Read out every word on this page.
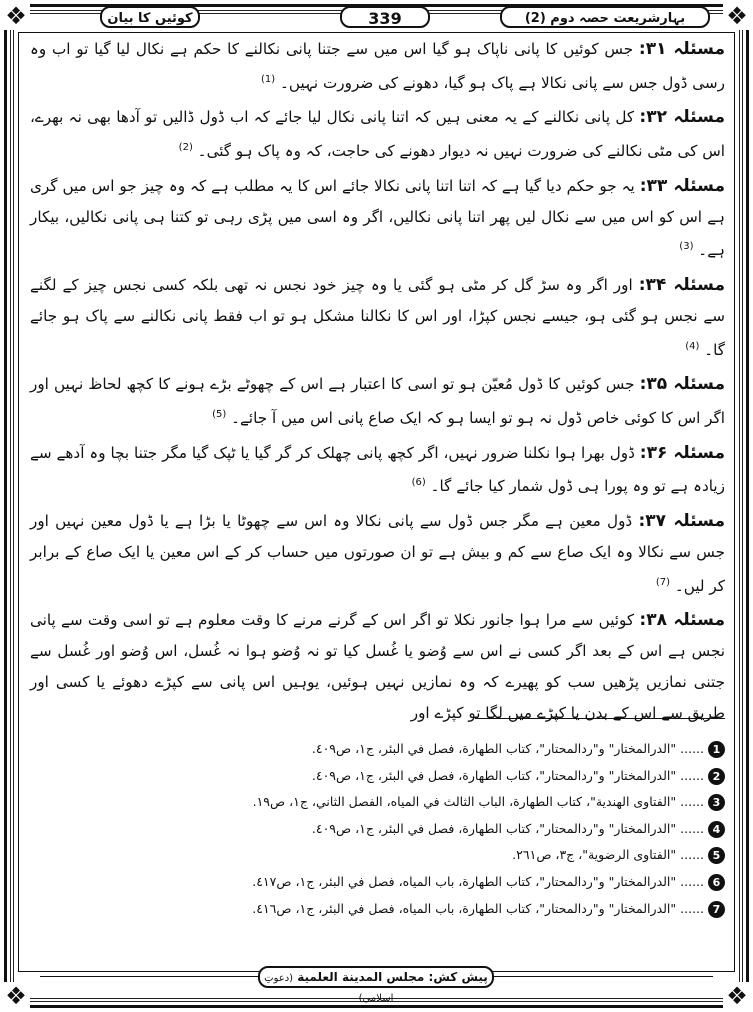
❖	❖
❖	❖
کوئیں کا بیان	339	بہارِشریعت حصہ دوم (2)

مسئلہ ۳۱: جس کوئیں کا پانی ناپاک ہو گیا اس میں سے جتنا پانی نکالنے کا حکم ہے نکال لیا گیا تو اب وہ رسی ڈول جس سے پانی نکالا ہے پاک ہو گیا، دھونے کی ضرورت نہیں۔ $^{(1)}$

مسئلہ ۳۲: کل پانی نکالنے کے یہ معنی ہیں کہ اتنا پانی نکال لیا جائے کہ اب ڈول ڈالیں تو آدھا بھی نہ بھرے، اس کی مٹی نکالنے کی ضرورت نہیں نہ دیوار دھونے کی حاجت، کہ وہ پاک ہو گئی۔ $^{(2)}$

مسئلہ ۳۳: یہ جو حکم دیا گیا ہے کہ اتنا اتنا پانی نکالا جائے اس کا یہ مطلب ہے کہ وہ چیز جو اس میں گری ہے اس کو اس میں سے نکال لیں پھر اتنا پانی نکالیں، اگر وہ اسی میں پڑی رہی تو کتنا ہی پانی نکالیں، بیکار ہے۔ $^{(3)}$

مسئلہ ۳۴: اور اگر وہ سڑ گل کر مٹی ہو گئی یا وہ چیز خود نجس نہ تھی بلکہ کسی نجس چیز کے لگنے سے نجس ہو گئی ہو، جیسے نجس کپڑا، اور اس کا نکالنا مشکل ہو تو اب فقط پانی نکالنے سے پاک ہو جائے گا۔ $^{(4)}$

مسئلہ ۳۵: جس کوئیں کا ڈول مُعیّن ہو تو اسی کا اعتبار ہے اس کے چھوٹے بڑے ہونے کا کچھ لحاظ نہیں اور اگر اس کا کوئی خاص ڈول نہ ہو تو ایسا ہو کہ ایک صاع پانی اس میں آ جائے۔ $^{(5)}$

مسئلہ ۳۶: ڈول بھرا ہوا نکلنا ضرور نہیں، اگر کچھ پانی چھلک کر گر گیا یا ٹپک گیا مگر جتنا بچا وہ آدھے سے زیادہ ہے تو وہ پورا ہی ڈول شمار کیا جائے گا۔ $^{(6)}$

مسئلہ ۳۷: ڈول معین ہے مگر جس ڈول سے پانی نکالا وہ اس سے چھوٹا یا بڑا ہے یا ڈول معین نہیں اور جس سے نکالا وہ ایک صاع سے کم و بیش ہے تو ان صورتوں میں حساب کر کے اس معین یا ایک صاع کے برابر کر لیں۔ $^{(7)}$

مسئلہ ۳۸: کوئیں سے مرا ہوا جانور نکلا تو اگر اس کے گرنے مرنے کا وقت معلوم ہے تو اسی وقت سے پانی نجس ہے اس کے بعد اگر کسی نے اس سے وُضو یا غُسل کیا تو نہ وُضو ہوا نہ غُسل، اس وُضو اور غُسل سے جتنی نمازیں پڑھیں سب کو پھیرے کہ وہ نمازیں نہیں ہوئیں، یوہیں اس پانی سے کپڑے دھوئے یا کسی اور طریق سے اس کے بدن یا کپڑے میں لگا تو کپڑے اور

1......"الدرالمختار" و"ردالمحتار"، كتاب الطهارة، فصل في البئر، ج١، ص٤٠٩.
2......"الدرالمختار" و"ردالمحتار"، كتاب الطهارة، فصل في البئر، ج١، ص٤٠٩.
3......"الفتاوى الهندية"، كتاب الطهارة، الباب الثالث في المياه، الفصل الثاني، ج١، ص١٩.
4......"الدرالمختار" و"ردالمحتار"، كتاب الطهارة، فصل في البئر، ج١، ص٤٠٩.
5......"الفتاوى الرضوية"، ج٣، ص٢٦١.
6......"الدرالمختار" و"ردالمحتار"، كتاب الطهارة، باب المياه، فصل في البئر، ج١، ص٤١٧.
7......"الدرالمختار" و"ردالمحتار"، كتاب الطهارة، باب المياه، فصل في البئر، ج١، ص٤١٦.
پیش کش: مجلس المدينة العلمية (دعوتِ اسلامی)
